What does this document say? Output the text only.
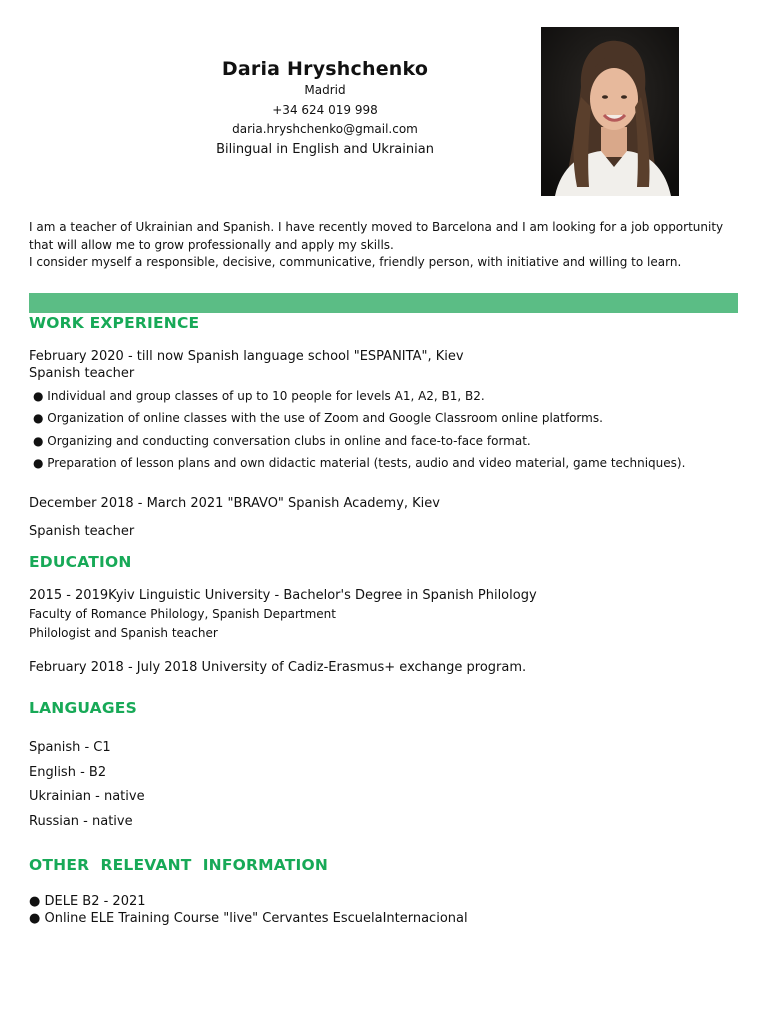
Daria Hryshchenko
Madrid
+34 624 019 998
daria.hryshchenko@gmail.com
Bilingual in English and Ukrainian
I am a teacher of Ukrainian and Spanish. I have recently moved to Barcelona and I am looking for a job opportunity that will allow me to grow professionally and apply my skills.
I consider myself a responsible, decisive, communicative, friendly person, with initiative and willing to learn.
WORK EXPERIENCE
February 2020 - till now Spanish language school "ESPANITA", Kiev
Spanish teacher
● Individual and group classes of up to 10 people for levels A1, A2, B1, B2.
● Organization of online classes with the use of Zoom and Google Classroom online platforms.
● Organizing and conducting conversation clubs in online and face-to-face format.
● Preparation of lesson plans and own didactic material (tests, audio and video material, game techniques).
December 2018 - March 2021 "BRAVO" Spanish Academy, Kiev
Spanish teacher
EDUCATION
2015 - 2019Kyiv Linguistic University - Bachelor's Degree in Spanish Philology
Faculty of Romance Philology, Spanish Department
Philologist and Spanish teacher
February 2018 - July 2018 University of Cadiz-Erasmus+ exchange program.
LANGUAGES
Spanish - C1
English - B2
Ukrainian - native
Russian - native
OTHER  RELEVANT  INFORMATION
● DELE B2 - 2021
● Online ELE Training Course "live" Cervantes EscuelaInternacional
